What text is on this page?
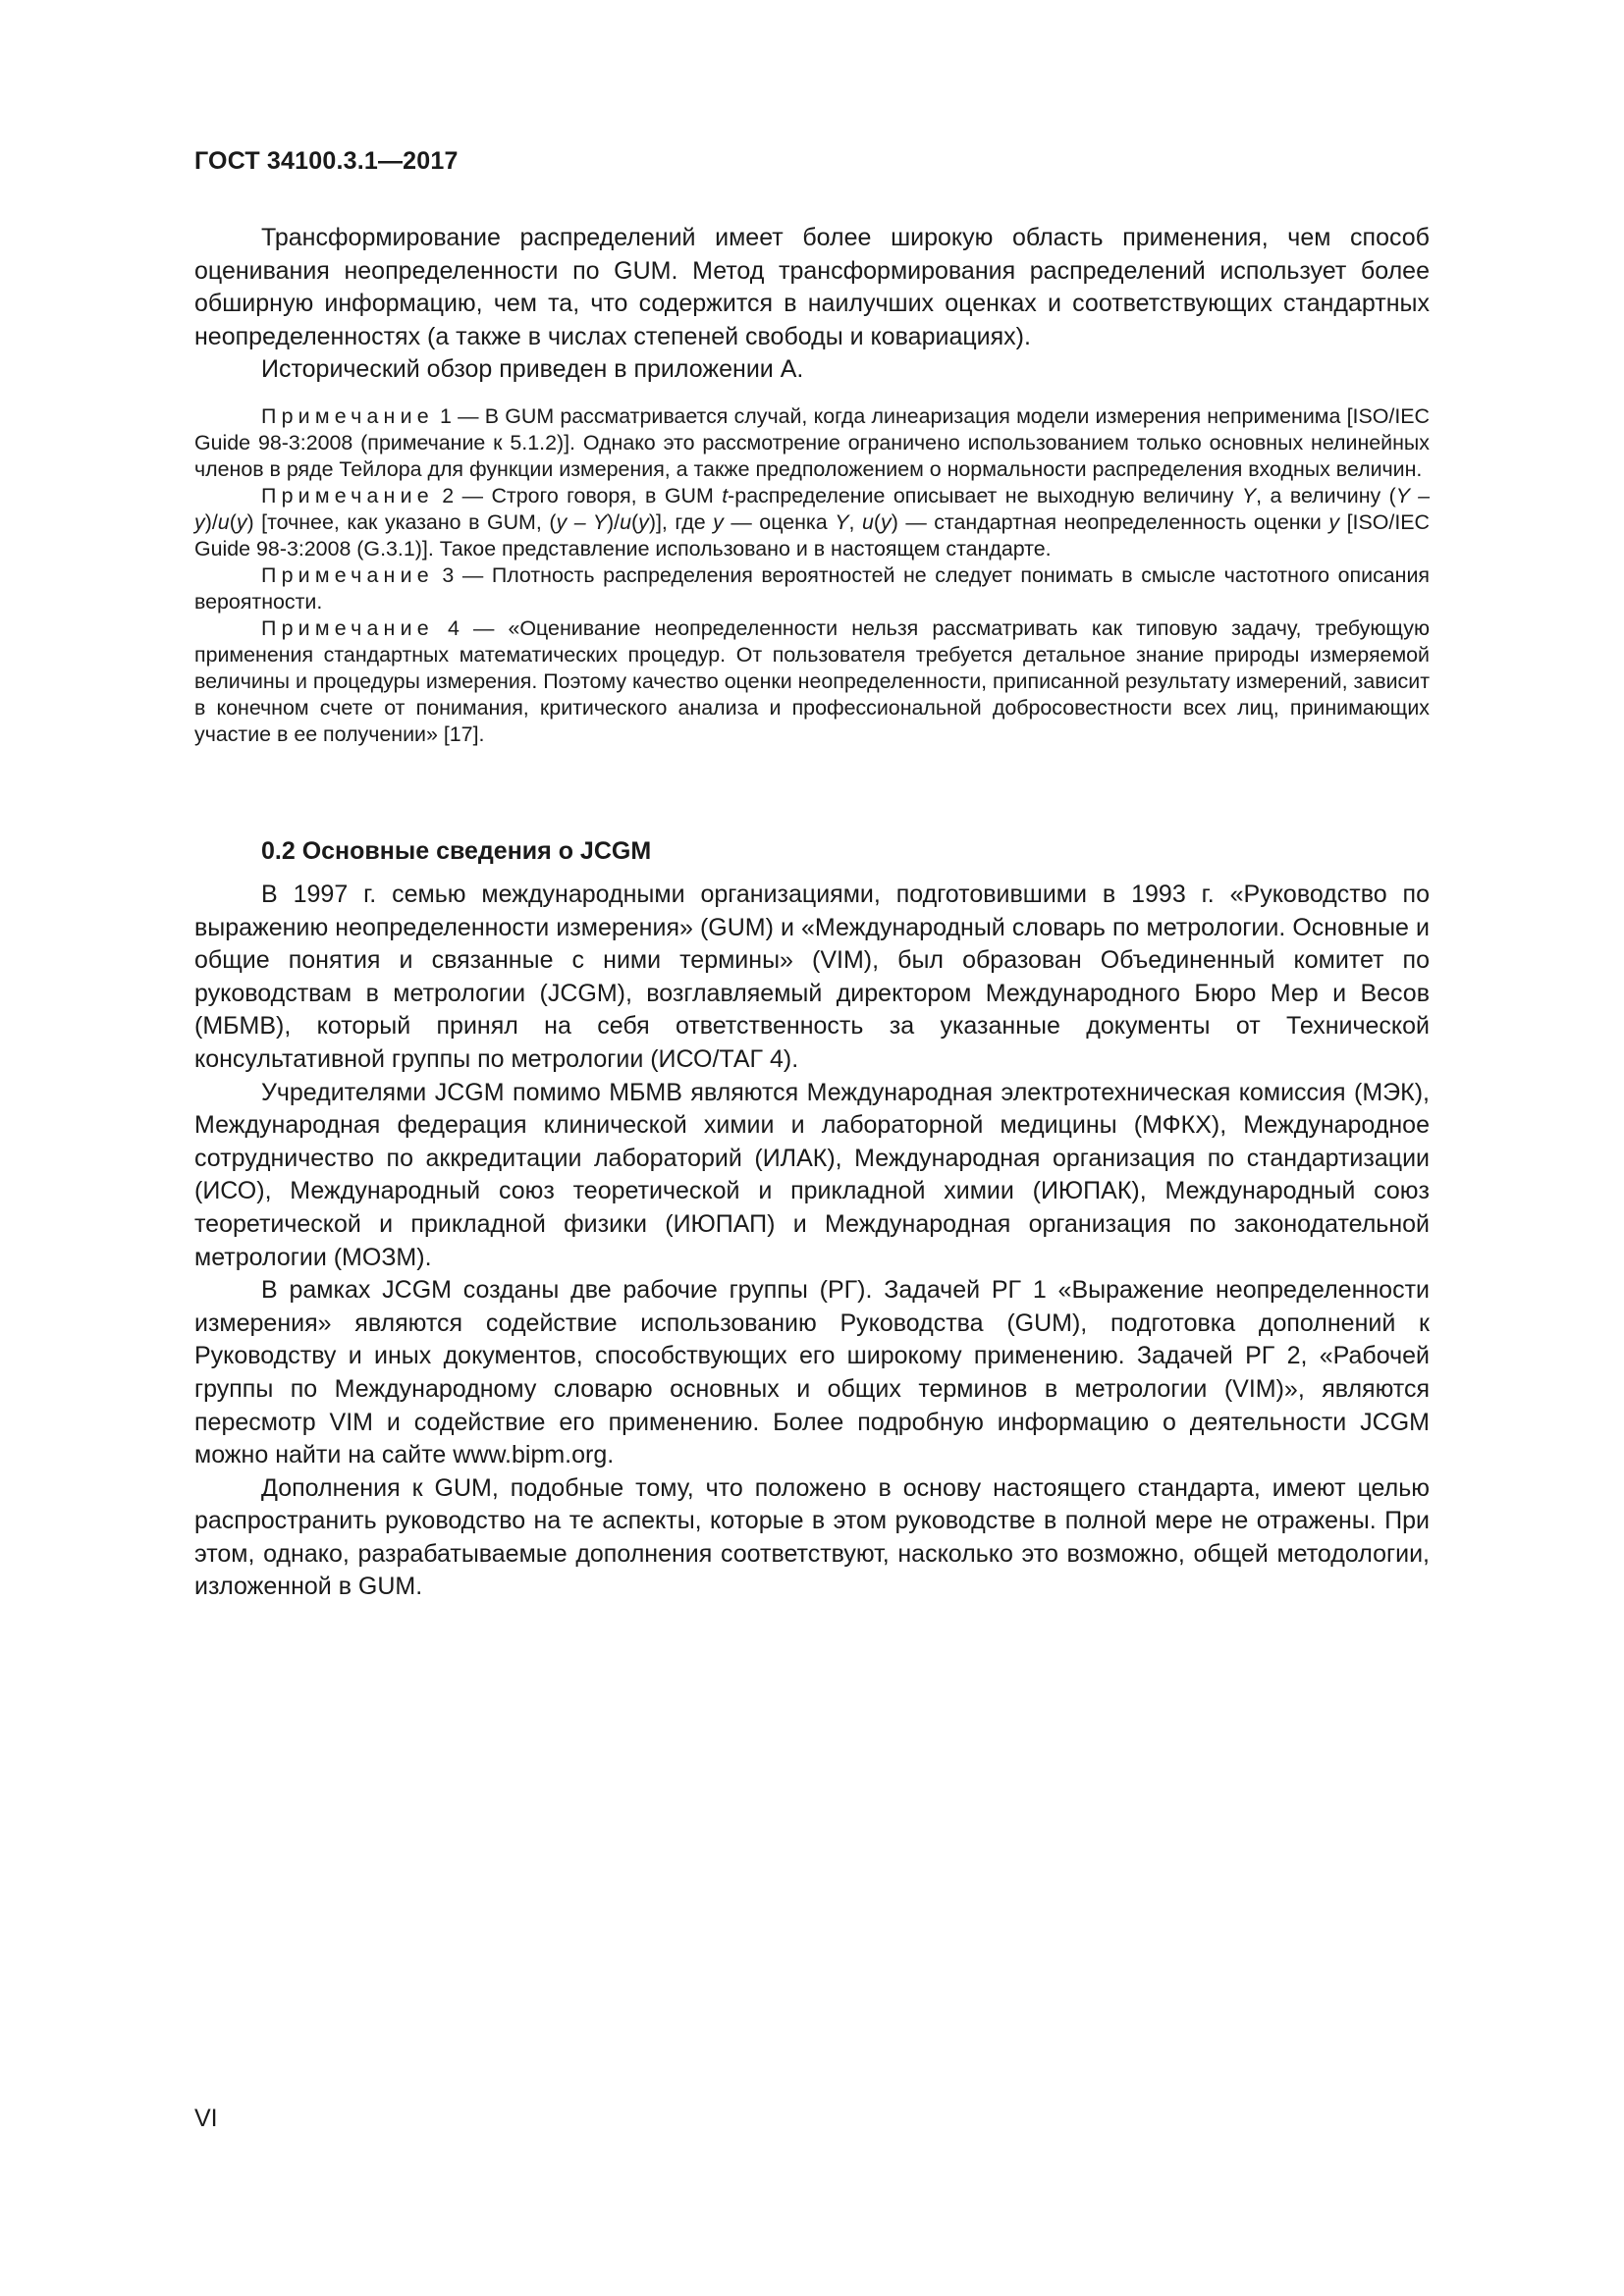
ГОСТ 34100.3.1—2017

Трансформирование распределений имеет более широкую область применения, чем способ оценивания неопределенности по GUM. Метод трансформирования распределений использует более обширную информацию, чем та, что содержится в наилучших оценках и соответствующих стандартных неопределенностях (а также в числах степеней свободы и ковариациях).

Исторический обзор приведен в приложении А.

Примечание 1 — В GUM рассматривается случай, когда линеаризация модели измерения неприменима [ISO/IEC Guide 98-3:2008 (примечание к 5.1.2)]. Однако это рассмотрение ограничено использованием только основных нелинейных членов в ряде Тейлора для функции измерения, а также предположением о нормальности распределения входных величин.

Примечание 2 — Строго говоря, в GUM t-распределение описывает не выходную величину Y, а величину (Y – y)/u(y) [точнее, как указано в GUM, (y – Y)/u(y)], где y — оценка Y, u(y) — стандартная неопределенность оценки y [ISO/IEC Guide 98-3:2008 (G.3.1)]. Такое представление использовано и в настоящем стандарте.

Примечание 3 — Плотность распределения вероятностей не следует понимать в смысле частотного описания вероятности.

Примечание 4 — «Оценивание неопределенности нельзя рассматривать как типовую задачу, требующую применения стандартных математических процедур. От пользователя требуется детальное знание природы измеряемой величины и процедуры измерения. Поэтому качество оценки неопределенности, приписанной результату измерений, зависит в конечном счете от понимания, критического анализа и профессиональной добросовестности всех лиц, принимающих участие в ее получении» [17].

0.2 Основные сведения о JCGM

В 1997 г. семью международными организациями, подготовившими в 1993 г. «Руководство по выражению неопределенности измерения» (GUM) и «Международный словарь по метрологии. Основные и общие понятия и связанные с ними термины» (VIM), был образован Объединенный комитет по руководствам в метрологии (JCGM), возглавляемый директором Международного Бюро Мер и Весов (МБМВ), который принял на себя ответственность за указанные документы от Технической консультативной группы по метрологии (ИСО/ТАГ 4).

Учредителями JCGM помимо МБМВ являются Международная электротехническая комиссия (МЭК), Международная федерация клинической химии и лабораторной медицины (МФКХ), Международное сотрудничество по аккредитации лабораторий (ИЛАК), Международная организация по стандартизации (ИСО), Международный союз теоретической и прикладной химии (ИЮПАК), Международный союз теоретической и прикладной физики (ИЮПАП) и Международная организация по законодательной метрологии (МОЗМ).

В рамках JCGM созданы две рабочие группы (РГ). Задачей РГ 1 «Выражение неопределенности измерения» являются содействие использованию Руководства (GUM), подготовка дополнений к Руководству и иных документов, способствующих его широкому применению. Задачей РГ 2, «Рабочей группы по Международному словарю основных и общих терминов в метрологии (VIM)», являются пересмотр VIM и содействие его применению. Более подробную информацию о деятельности JCGM можно найти на сайте www.bipm.org.

Дополнения к GUM, подобные тому, что положено в основу настоящего стандарта, имеют целью распространить руководство на те аспекты, которые в этом руководстве в полной мере не отражены. При этом, однако, разрабатываемые дополнения соответствуют, насколько это возможно, общей методологии, изложенной в GUM.

VI
